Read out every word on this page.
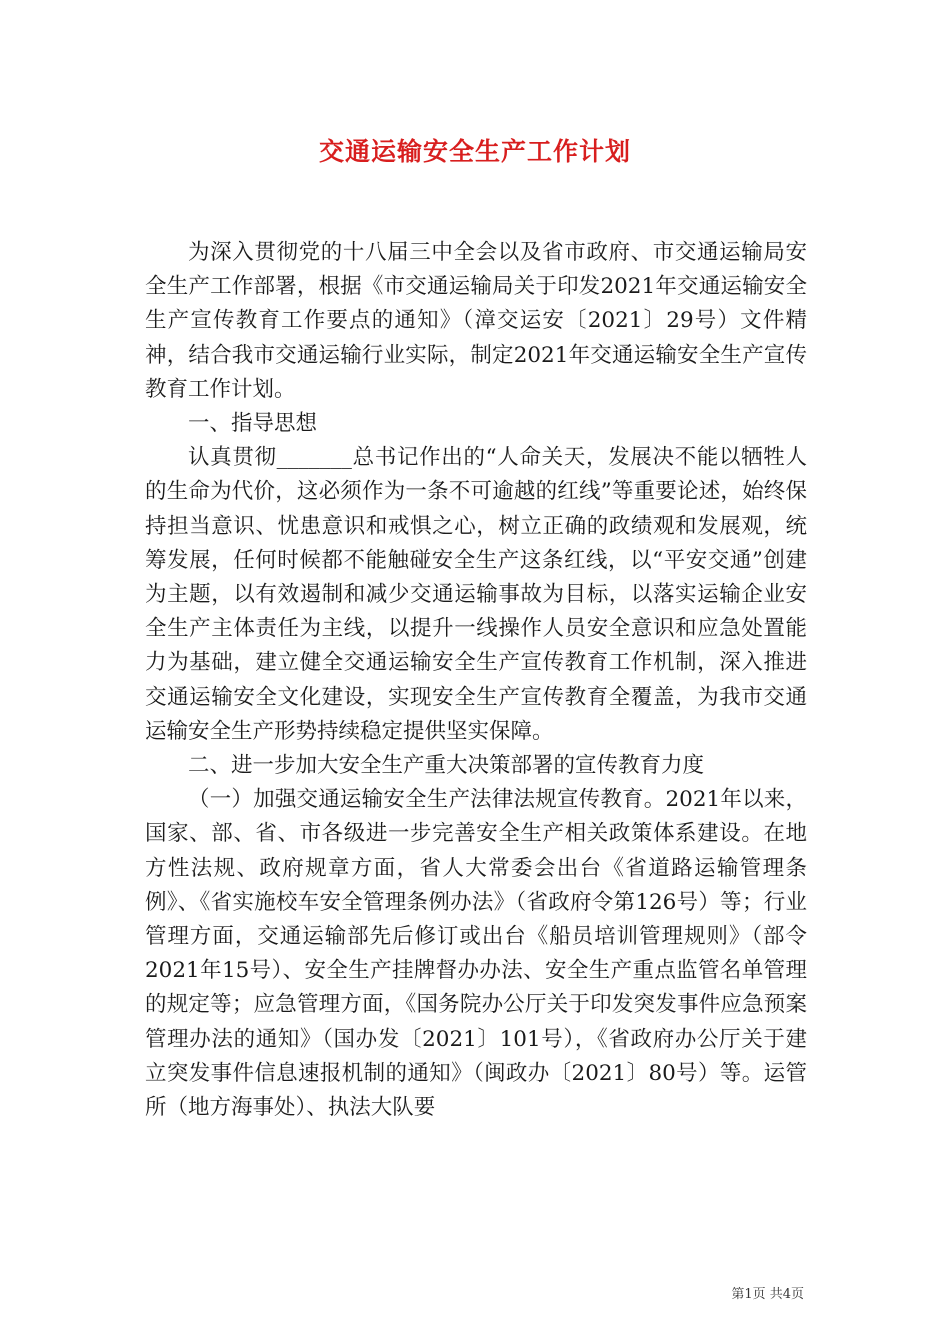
交通运输安全生产工作计划

为深入贯彻党的十八届三中全会以及省市政府、市交通运输局安全生产工作部署，根据《市交通运输局关于印发2021年交通运输安全生产宣传教育工作要点的通知》（漳交运安〔2021〕29号）文件精神，结合我市交通运输行业实际，制定2021年交通运输安全生产宣传教育工作计划。

一、指导思想

认真贯彻_______总书记作出的“人命关天，发展决不能以牺牲人的生命为代价，这必须作为一条不可逾越的红线”等重要论述，始终保持担当意识、忧患意识和戒惧之心，树立正确的政绩观和发展观，统筹发展，任何时候都不能触碰安全生产这条红线，以“平安交通”创建为主题，以有效遏制和减少交通运输事故为目标，以落实运输企业安全生产主体责任为主线，以提升一线操作人员安全意识和应急处置能力为基础，建立健全交通运输安全生产宣传教育工作机制，深入推进交通运输安全文化建设，实现安全生产宣传教育全覆盖，为我市交通运输安全生产形势持续稳定提供坚实保障。

二、进一步加大安全生产重大决策部署的宣传教育力度

（一）加强交通运输安全生产法律法规宣传教育。2021年以来，国家、部、省、市各级进一步完善安全生产相关政策体系建设。在地方性法规、政府规章方面，省人大常委会出台《省道路运输管理条例》、《省实施校车安全管理条例办法》（省政府令第126号）等；行业管理方面，交通运输部先后修订或出台《船员培训管理规则》（部令2021年15号）、安全生产挂牌督办办法、安全生产重点监管名单管理的规定等；应急管理方面，《国务院办公厅关于印发突发事件应急预案管理办法的通知》（国办发〔2021〕101号），《省政府办公厅关于建立突发事件信息速报机制的通知》（闽政办〔2021〕80号）等。运管所（地方海事处）、执法大队要

第1页 共4页
